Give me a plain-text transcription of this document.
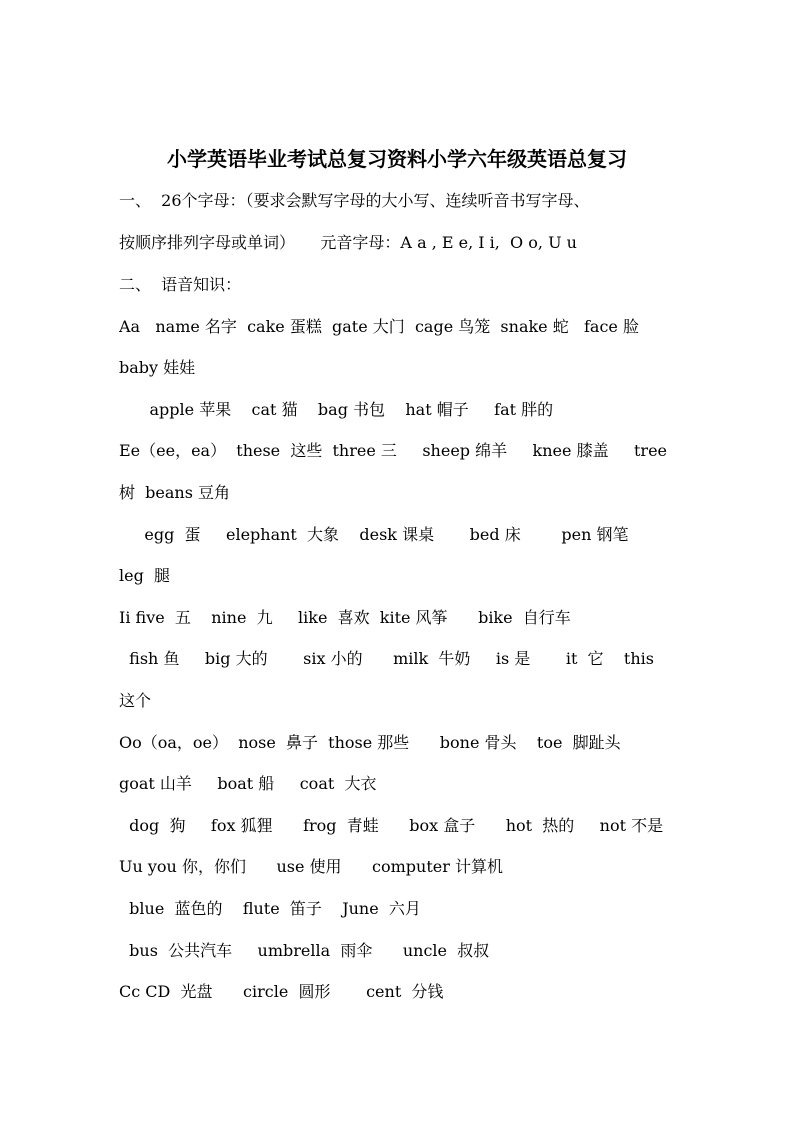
小学英语毕业考试总复习资料小学六年级英语总复习
一、  26个字母：（要求会默写字母的大小写、连续听音书写字母、
按顺序排列字母或单词）     元音字母：A a , E e, I i,  O o, U u
二、  语音知识：
Aa   name 名字  cake 蛋糕  gate 大门  cage 鸟笼  snake 蛇   face 脸
baby 娃娃
apple 苹果    cat 猫    bag 书包    hat 帽子     fat 胖的
Ee（ee，ea）  these  这些  three 三     sheep 绵羊     knee 膝盖     tree
树  beans 豆角
egg  蛋     elephant  大象    desk 课桌       bed 床        pen 钢笔
leg  腿
Ii five  五    nine  九     like  喜欢  kite 风筝      bike  自行车
fish 鱼     big 大的       six 小的      milk  牛奶     is 是       it  它    this
这个
Oo（oa，oe）  nose  鼻子  those 那些      bone 骨头    toe  脚趾头
goat 山羊     boat 船     coat  大衣
dog  狗     fox 狐狸      frog  青蛙      box 盒子      hot  热的     not 不是
Uu you 你，你们      use 使用      computer 计算机
blue  蓝色的    flute  笛子    June  六月
bus  公共汽车     umbrella  雨伞      uncle  叔叔
Cc CD  光盘      circle  圆形       cent  分钱
